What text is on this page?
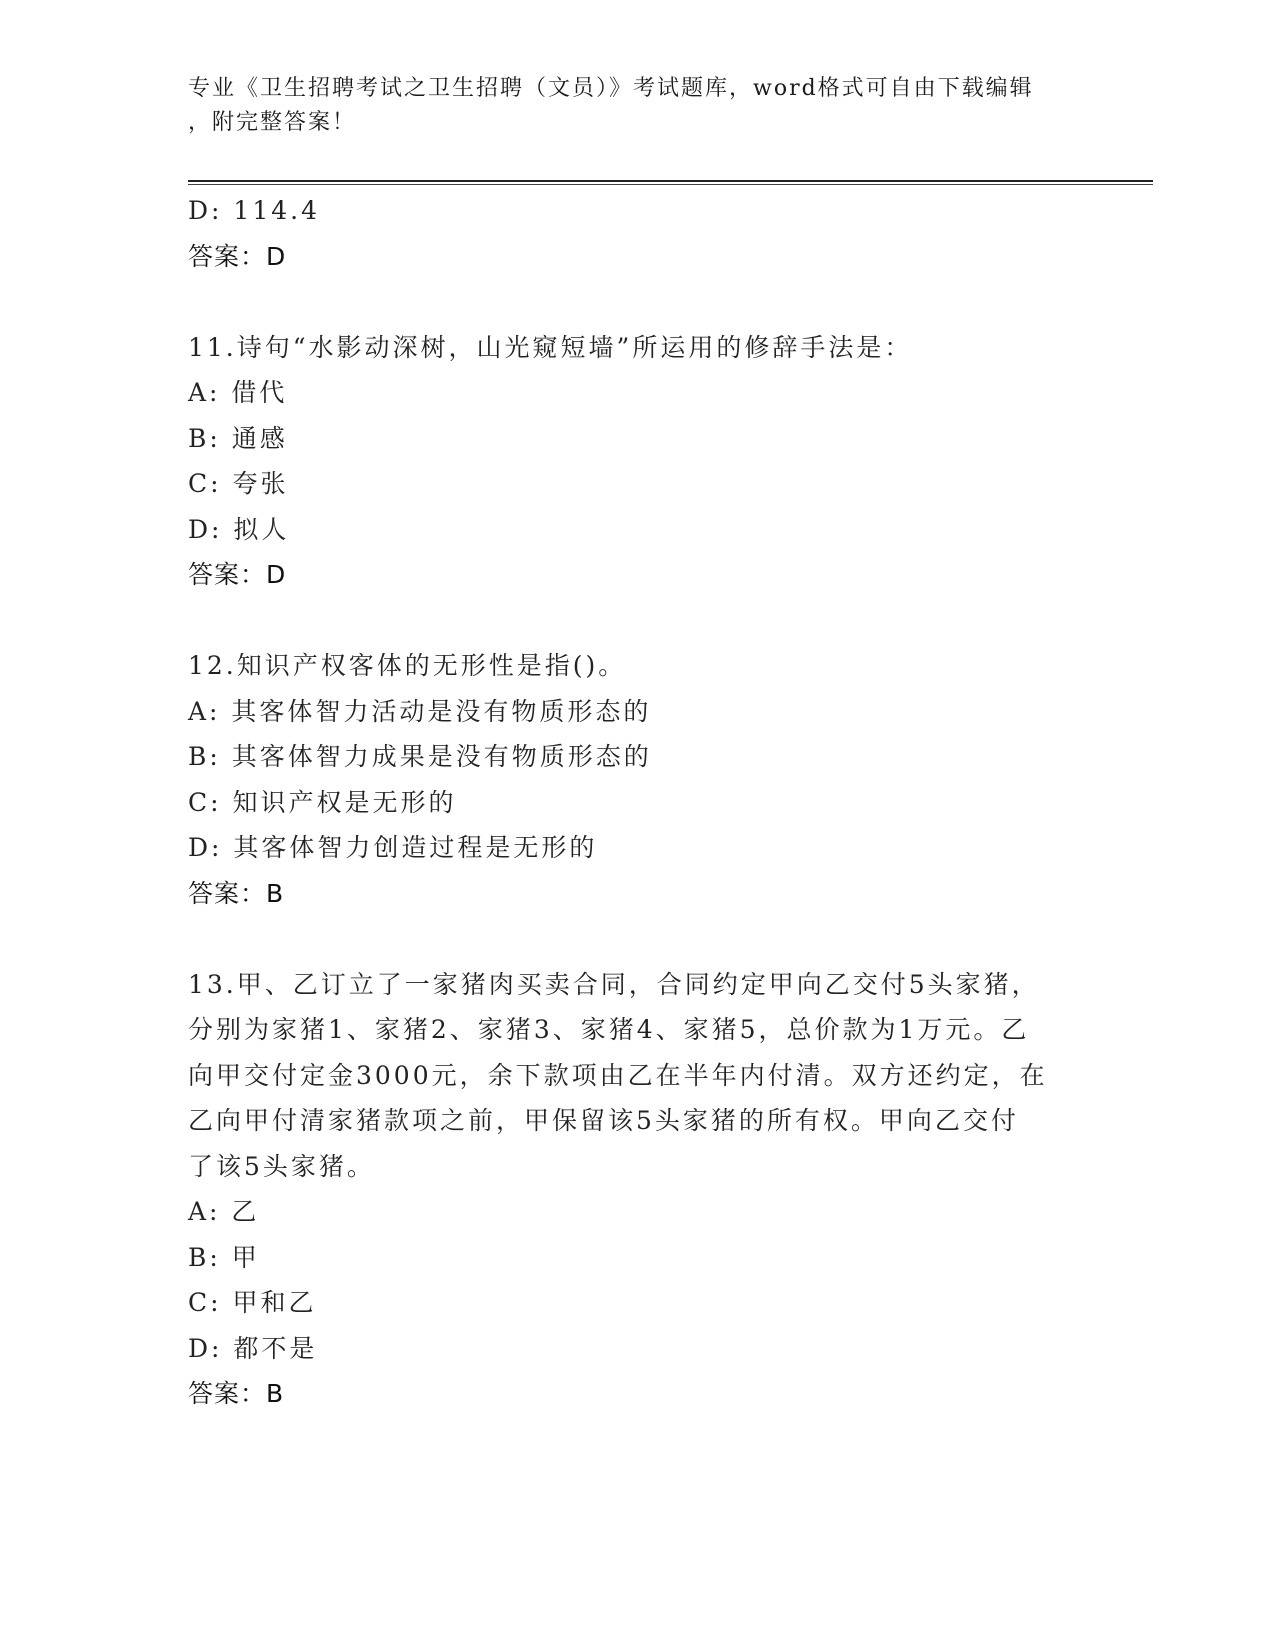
专业《卫生招聘考试之卫生招聘（文员）》考试题库，word格式可自由下载编辑
，附完整答案！
D: 114.4
答案：D
11.诗句“水影动深树，山光窥短墙”所运用的修辞手法是：
A: 借代
B: 通感
C: 夸张
D: 拟人
答案：D
12.知识产权客体的无形性是指()。
A: 其客体智力活动是没有物质形态的
B: 其客体智力成果是没有物质形态的
C: 知识产权是无形的
D: 其客体智力创造过程是无形的
答案：B
13.甲、乙订立了一家猪肉买卖合同，合同约定甲向乙交付5头家猪，
分别为家猪1、家猪2、家猪3、家猪4、家猪5，总价款为1万元。乙
向甲交付定金3000元，余下款项由乙在半年内付清。双方还约定，在
乙向甲付清家猪款项之前，甲保留该5头家猪的所有权。甲向乙交付
了该5头家猪。
A: 乙
B: 甲
C: 甲和乙
D: 都不是
答案：B
